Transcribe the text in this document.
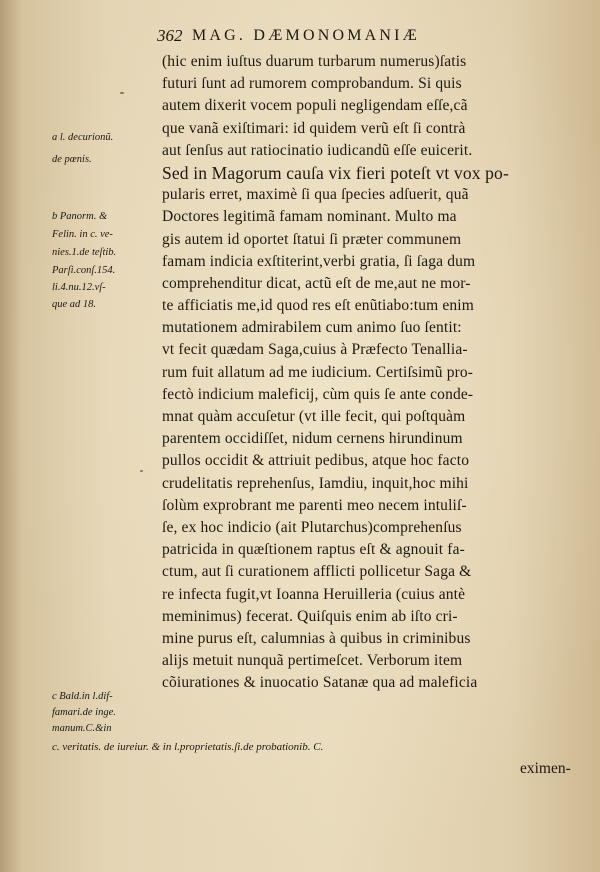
362 MAG. DÆMONOMANIÆ
(hic enim iuſtus duarum turbarum numerus)ſatis
futuri ſunt ad rumorem comprobandum. Si quis
autem dixerit vocem populi negligendam eſſe,cã
que vanã exiſtimari: id quidem verũ eſt ſi contrà
aut ſenſus aut ratiocinatio iudicandũ eſſe euicerit.
Sed in Magorum cauſa vix fieri poteſt vt vox po-
pularis erret, maximè ſi qua ſpecies adſuerit, quã
Doctores legitimã famam nominant. Multo ma
gis autem id oportet ſtatui ſi præter communem
famam indicia exſtiterint,verbi gratia, ſi ſaga dum
comprehenditur dicat, actũ eſt de me,aut ne mor-
te afficiatis me,id quod res eſt enũtiabo:tum enim
mutationem admirabilem cum animo ſuo ſentit:
vt fecit quædam Saga,cuius à Præfecto Tenallia-
rum fuit allatum ad me iudicium. Certiſsimũ pro-
fectò indicium maleficij, cùm quis ſe ante conde-
mnat quàm accuſetur (vt ille fecit, qui poſtquàm
parentem occidiſſet, nidum cernens hirundinum
pullos occidit & attriuit pedibus, atque hoc facto
crudelitatis reprehenſus, Iamdiu, inquit,hoc mihi
ſolùm exprobrant me parenti meo necem intuliſ-
ſe, ex hoc indicio (ait Plutarchus)comprehenſus
patricida in quæſtionem raptus eſt & agnouit fa-
ctum, aut ſi curationem afflicti pollicetur Saga &
re infecta fugit,vt Ioanna Heruilleria (cuius antè
meminimus) fecerat. Quiſquis enim ab iſto cri-
mine purus eſt, calumnias à quibus in criminibus
alijs metuit nunquã pertimeſcet. Verborum item
cõiurationes & inuocatio Satanæ qua ad maleficia
a l. decurionũ.
de pœnis.
b Panorm. &
Felin. in c. ve-
nies.1.de teſtib.
Parſi.conſ.154.
li.4.nu.12.vſ-
que ad 18.
c Bald.in l.dif-
famari.de inge.
manum.C.&in
c. veritatis. de iureiur. & in l.proprietatis.ſi.de probationib. C.
eximen-
